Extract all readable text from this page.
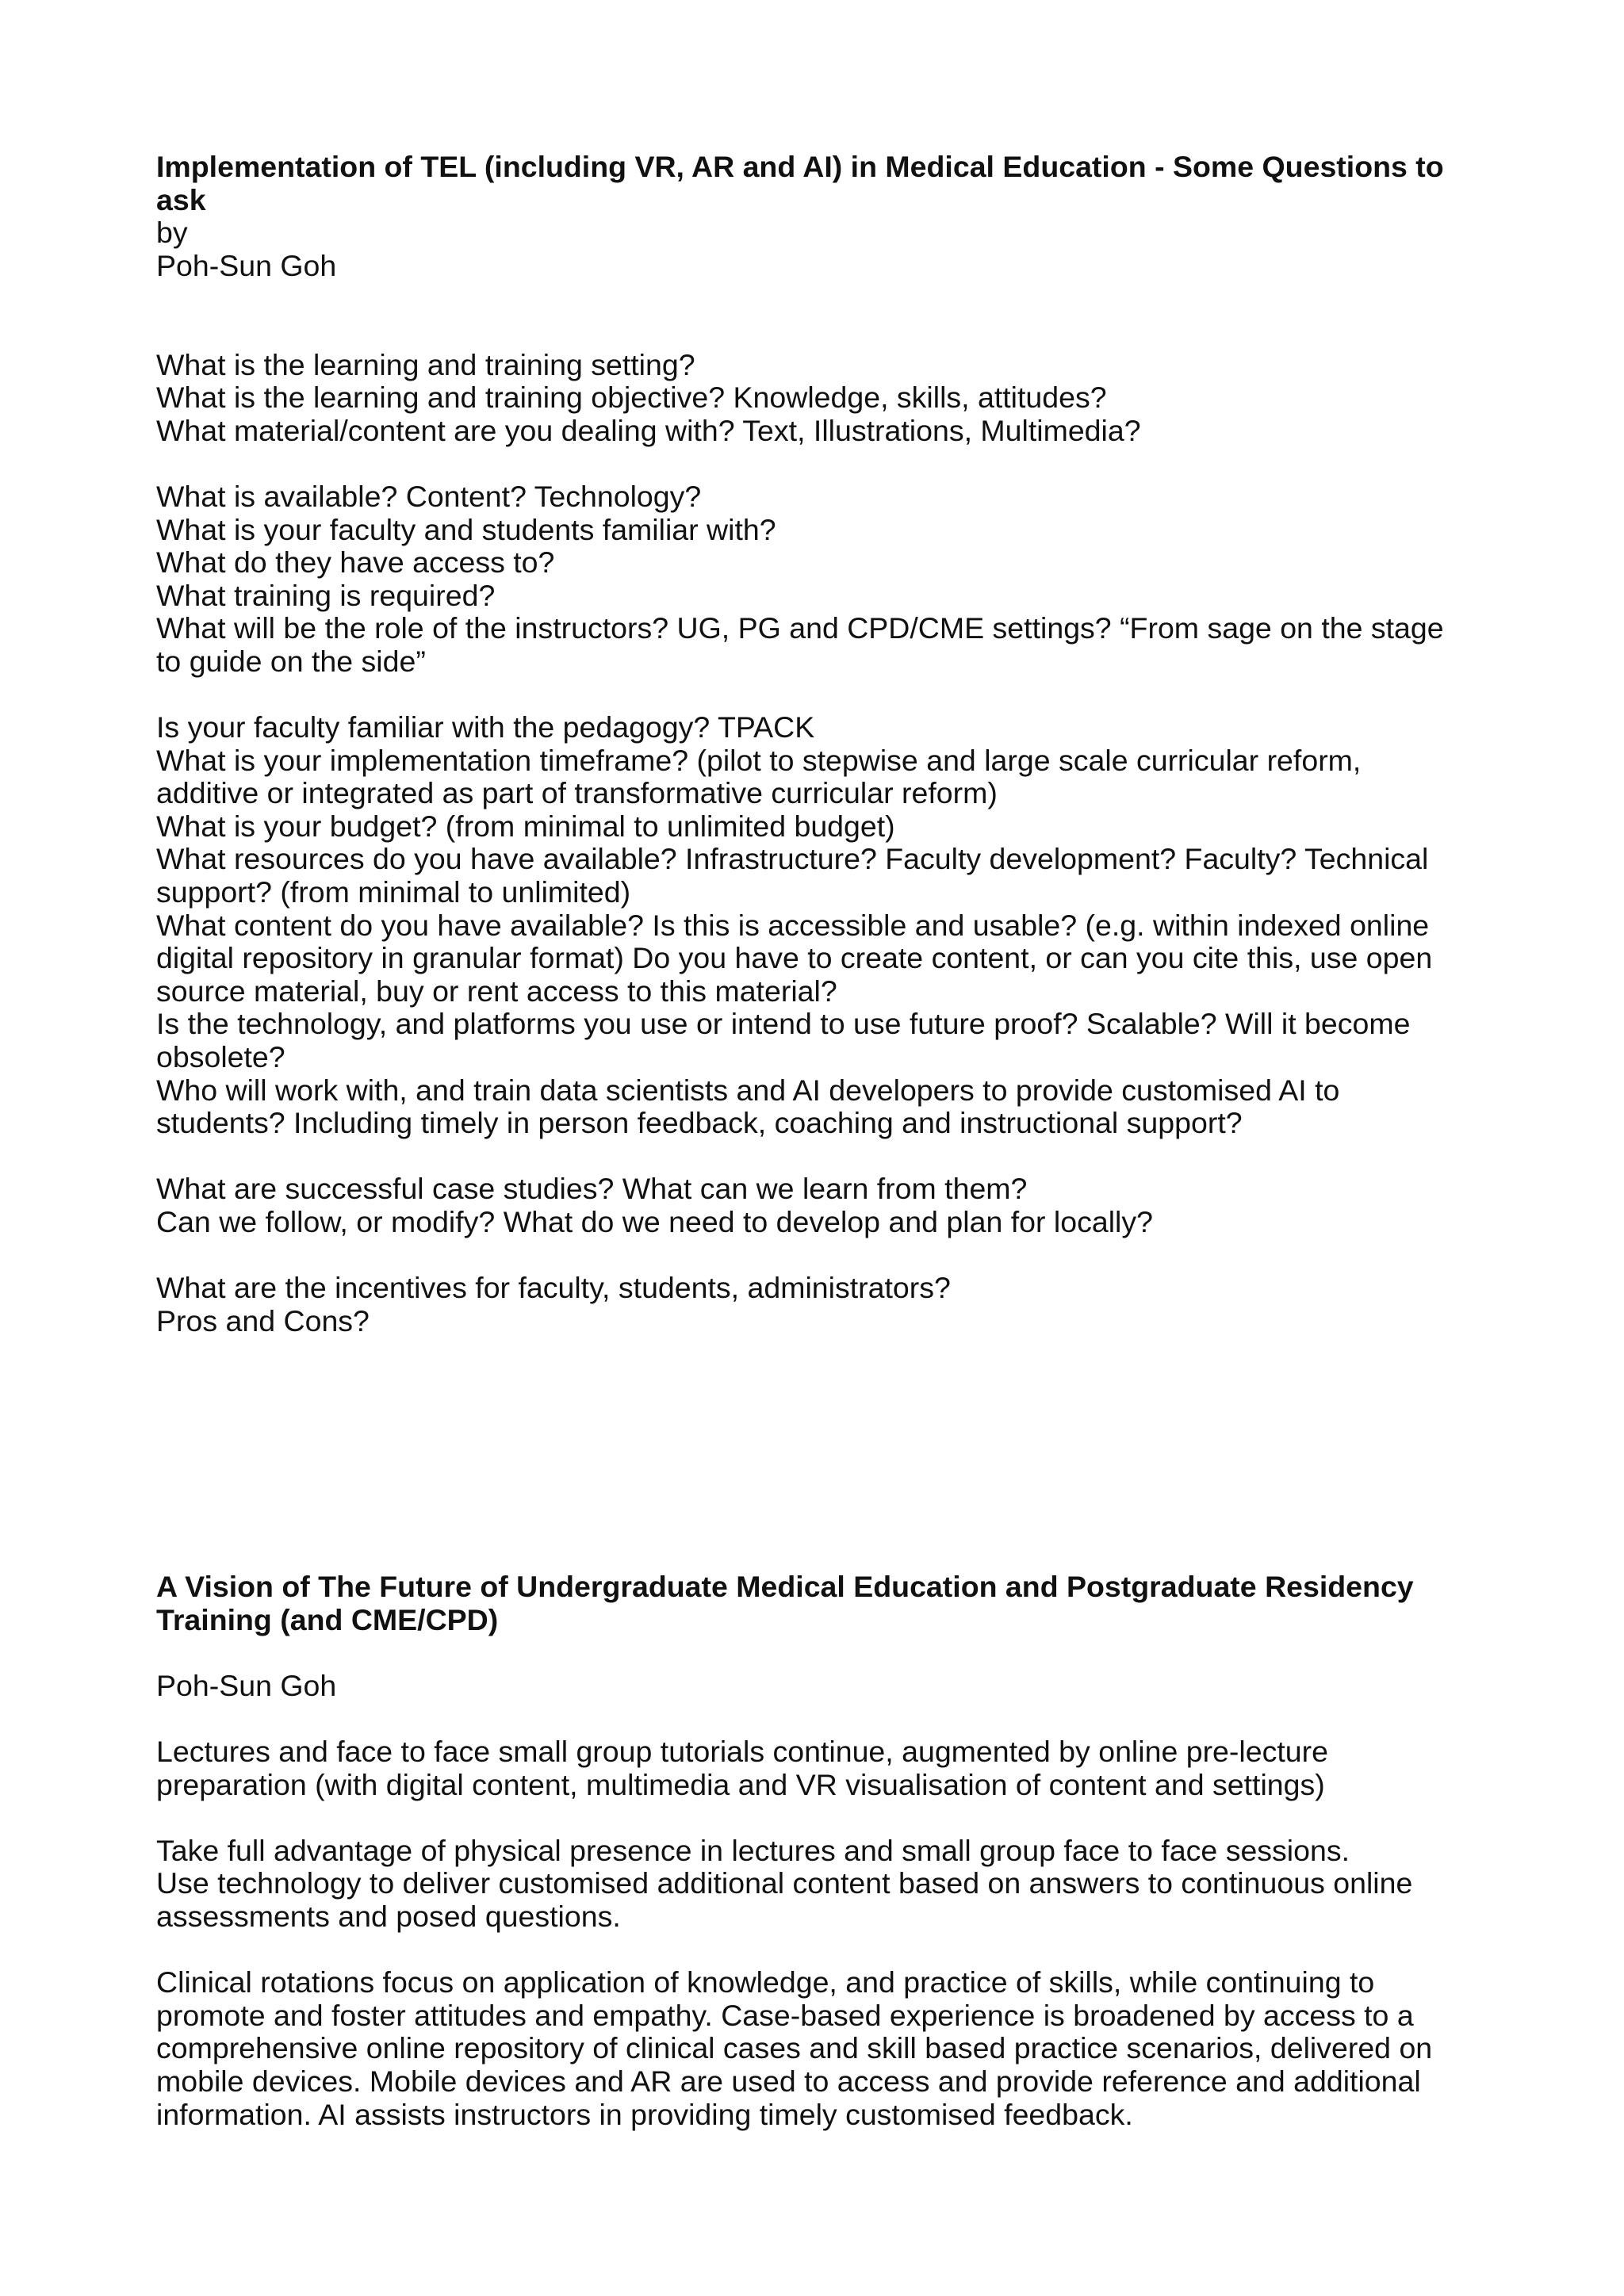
Implementation of TEL (including VR, AR and AI) in Medical Education - Some Questions to

ask

by

Poh-Sun Goh

What is the learning and training setting?

What is the learning and training objective? Knowledge, skills, attitudes?

What material/content are you dealing with? Text, Illustrations, Multimedia?

What is available? Content? Technology?

What is your faculty and students familiar with?

What do they have access to?

What training is required?

What will be the role of the instructors? UG, PG and CPD/CME settings? “From sage on the stage

to guide on the side”

Is your faculty familiar with the pedagogy? TPACK

What is your implementation timeframe? (pilot to stepwise and large scale curricular reform,

additive or integrated as part of transformative curricular reform)

What is your budget? (from minimal to unlimited budget)

What resources do you have available? Infrastructure? Faculty development? Faculty? Technical

support? (from minimal to unlimited)

What content do you have available? Is this is accessible and usable? (e.g. within indexed online

digital repository in granular format) Do you have to create content, or can you cite this, use open

source material, buy or rent access to this material?

Is the technology, and platforms you use or intend to use future proof? Scalable? Will it become

obsolete?

Who will work with, and train data scientists and AI developers to provide customised AI to

students? Including timely in person feedback, coaching and instructional support?

What are successful case studies? What can we learn from them?

Can we follow, or modify? What do we need to develop and plan for locally?

What are the incentives for faculty, students, administrators?

Pros and Cons?

A Vision of The Future of Undergraduate Medical Education and Postgraduate Residency

Training (and CME/CPD)

Poh-Sun Goh

Lectures and face to face small group tutorials continue, augmented by online pre-lecture

preparation (with digital content, multimedia and VR visualisation of content and settings)

Take full advantage of physical presence in lectures and small group face to face sessions.

Use technology to deliver customised additional content based on answers to continuous online

assessments and posed questions.

Clinical rotations focus on application of knowledge, and practice of skills, while continuing to

promote and foster attitudes and empathy. Case-based experience is broadened by access to a

comprehensive online repository of clinical cases and skill based practice scenarios, delivered on

mobile devices. Mobile devices and AR are used to access and provide reference and additional

information. AI assists instructors in providing timely customised feedback.
